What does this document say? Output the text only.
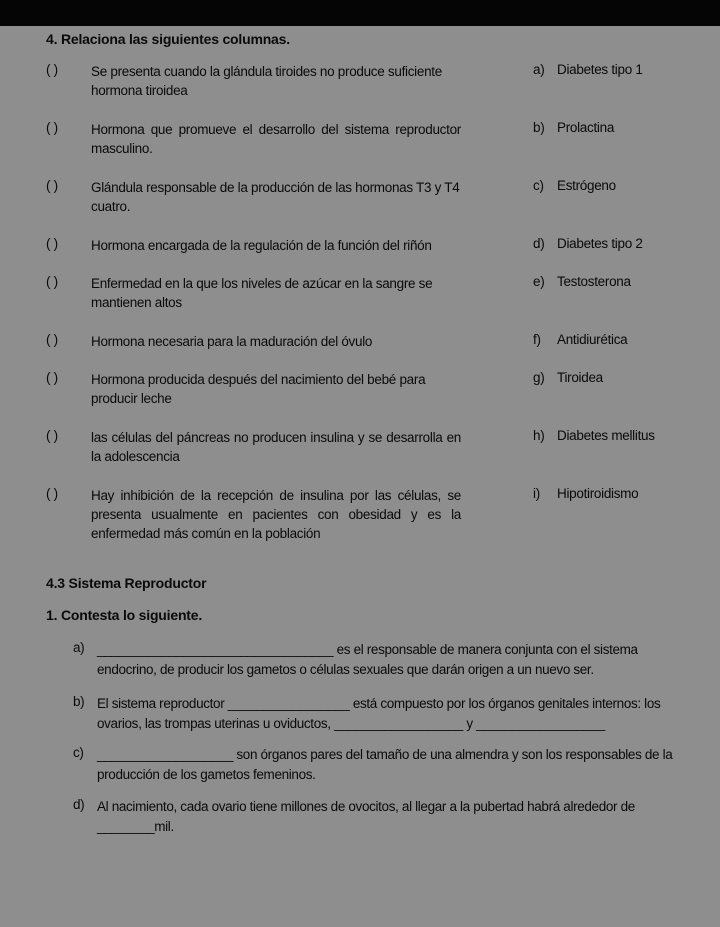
4. Relaciona las siguientes columnas.
( ) Se presenta cuando la glándula tiroides no produce suficiente hormona tiroidea
a) Diabetes tipo 1
( ) Hormona que promueve el desarrollo del sistema reproductor masculino.
b) Prolactina
( ) Glándula responsable de la producción de las hormonas T3 y T4 cuatro.
c) Estrógeno
( ) Hormona encargada de la regulación de la función del riñón	d) Diabetes tipo 2
( ) Enfermedad en la que los niveles de azúcar en la sangre se mantienen altos
e) Testosterona
( ) Hormona necesaria para la maduración del óvulo	f) Antidiurética
( ) Hormona producida después del nacimiento del bebé para producir leche
g) Tiroidea
( ) las células del páncreas no producen insulina y se desarrolla en la adolescencia
h) Diabetes mellitus
( ) Hay inhibición de la recepción de insulina por las células, se presenta usualmente en pacientes con obesidad y es la enfermedad más común en la población
i) Hipotiroidismo
4.3 Sistema Reproductor
1. Contesta lo siguiente.
a) _________________________________ es el responsable de manera conjunta con el sistema endocrino, de producir los gametos o células sexuales que darán origen a un nuevo ser.
b) El sistema reproductor _________________ está compuesto por los órganos genitales internos: los ovarios, las trompas uterinas u oviductos, __________________ y __________________
c) ___________________ son órganos pares del tamaño de una almendra y son los responsables de la producción de los gametos femeninos.
d) Al nacimiento, cada ovario tiene millones de ovocitos, al llegar a la pubertad habrá alrededor de ________mil.
